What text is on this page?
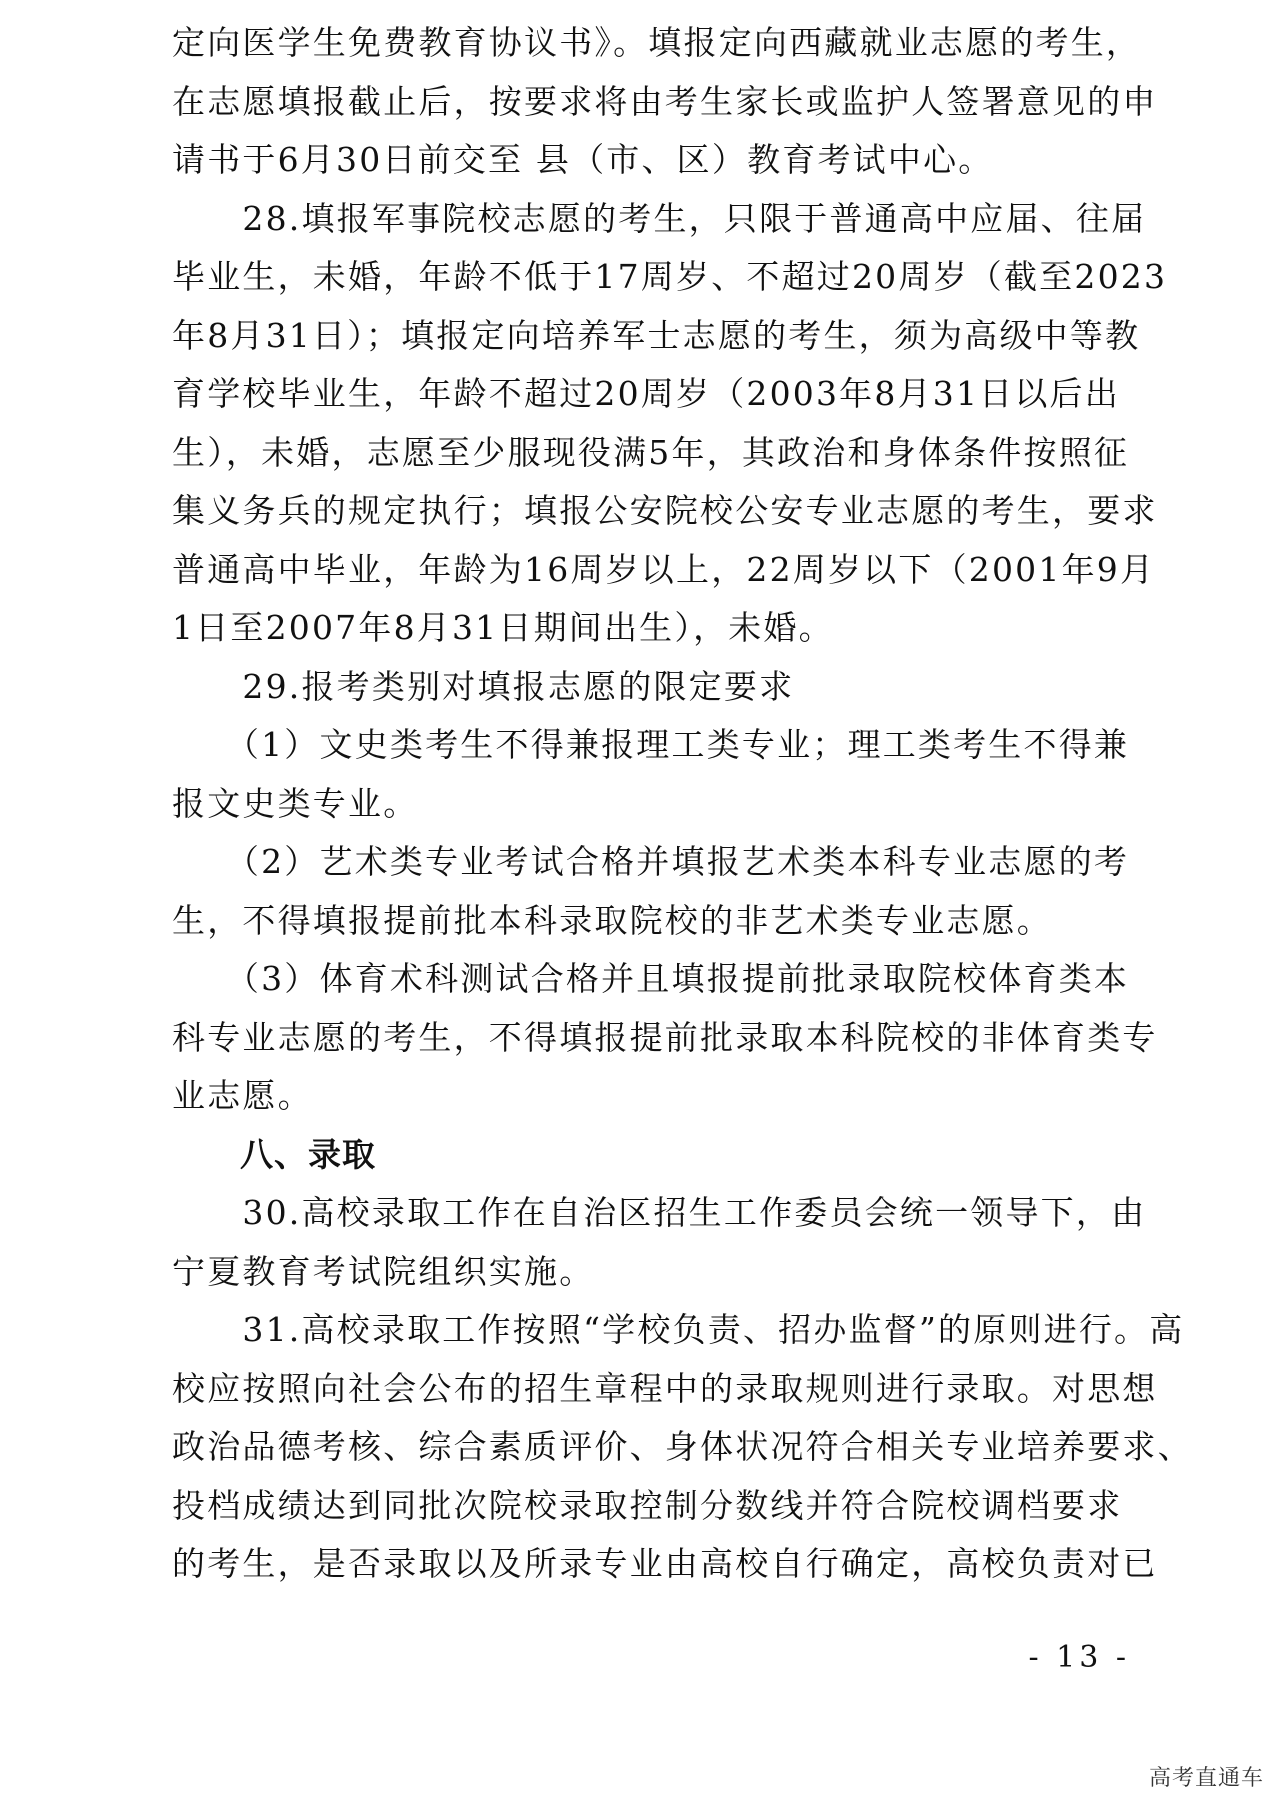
定向医学生免费教育协议书》。填报定向西藏就业志愿的考生，
在志愿填报截止后，按要求将由考生家长或监护人签署意见的申
请书于6月30日前交至 县（市、区）教育考试中心。
　　28.填报军事院校志愿的考生，只限于普通高中应届、往届
毕业生，未婚，年龄不低于17周岁、不超过20周岁（截至2023
年8月31日）；填报定向培养军士志愿的考生，须为高级中等教
育学校毕业生，年龄不超过20周岁（2003年8月31日以后出
生），未婚，志愿至少服现役满5年，其政治和身体条件按照征
集义务兵的规定执行；填报公安院校公安专业志愿的考生，要求
普通高中毕业，年龄为16周岁以上，22周岁以下（2001年9月
1日至2007年8月31日期间出生），未婚。
　　29.报考类别对填报志愿的限定要求
　　（1）文史类考生不得兼报理工类专业；理工类考生不得兼
报文史类专业。
　　（2）艺术类专业考试合格并填报艺术类本科专业志愿的考
生，不得填报提前批本科录取院校的非艺术类专业志愿。
　　（3）体育术科测试合格并且填报提前批录取院校体育类本
科专业志愿的考生，不得填报提前批录取本科院校的非体育类专
业志愿。
　　八、录取
　　30.高校录取工作在自治区招生工作委员会统一领导下，由
宁夏教育考试院组织实施。
　　31.高校录取工作按照“学校负责、招办监督”的原则进行。高
校应按照向社会公布的招生章程中的录取规则进行录取。对思想
政治品德考核、综合素质评价、身体状况符合相关专业培养要求、
投档成绩达到同批次院校录取控制分数线并符合院校调档要求
的考生，是否录取以及所录专业由高校自行确定，高校负责对已
- 13 -
高考直通车
